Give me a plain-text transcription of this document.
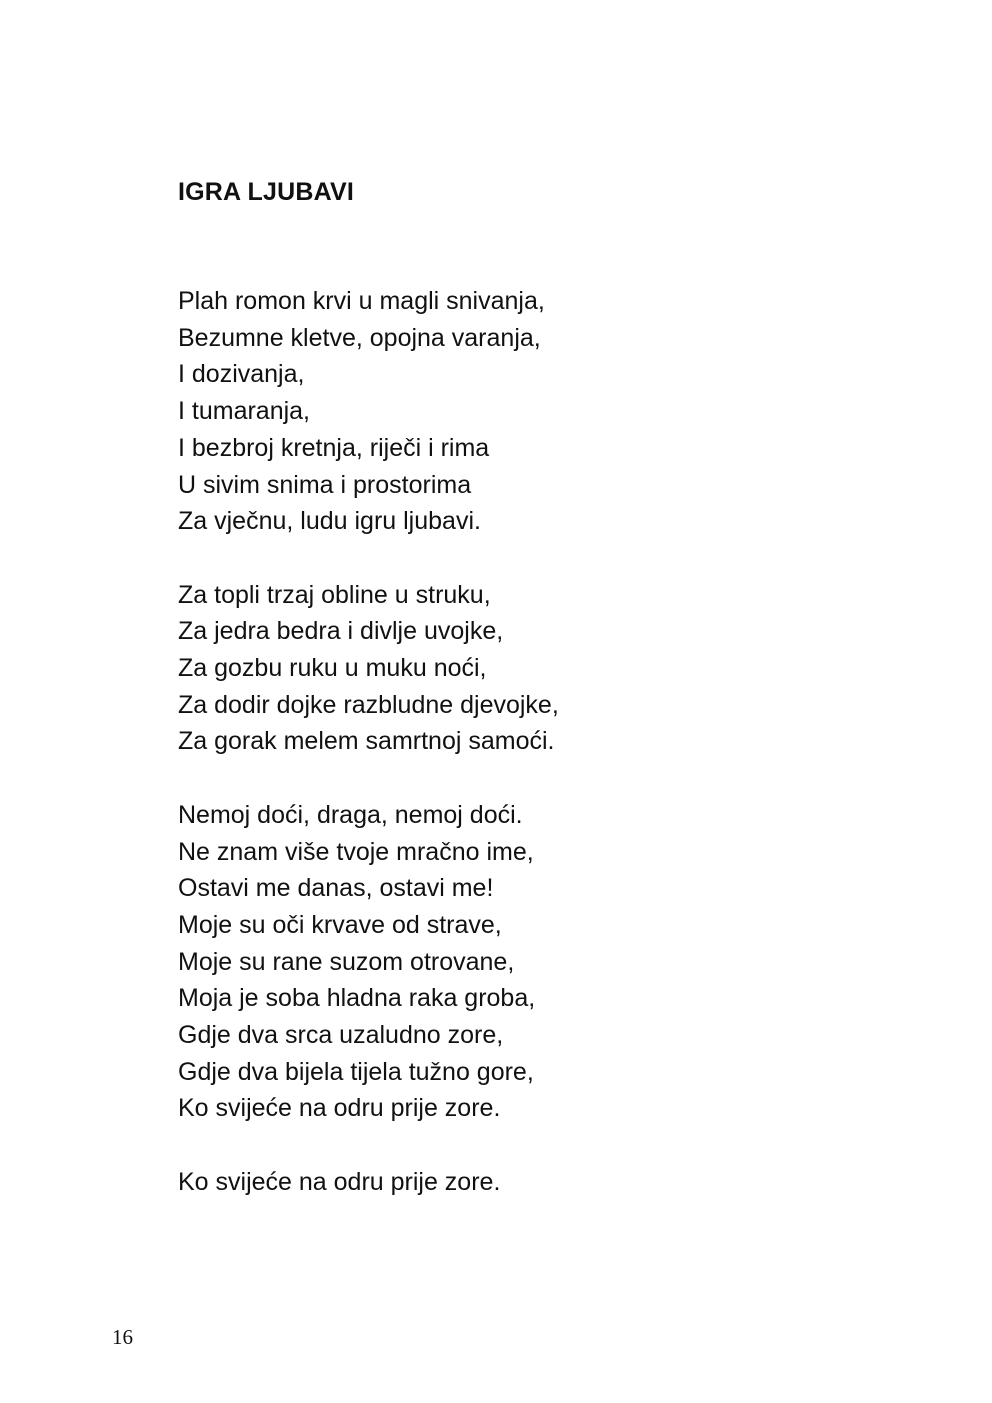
IGRA LJUBAVI

Plah romon krvi u magli snivanja,
Bezumne kletve, opojna varanja,
I dozivanja,
I tumaranja,
I bezbroj kretnja, riječi i rima
U sivim snima i prostorima
Za vječnu, ludu igru ljubavi.

Za topli trzaj obline u struku,
Za jedra bedra i divlje uvojke,
Za gozbu ruku u muku noći,
Za dodir dojke razbludne djevojke,
Za gorak melem samrtnoj samoći.

Nemoj doći, draga, nemoj doći.
Ne znam više tvoje mračno ime,
Ostavi me danas, ostavi me!
Moje su oči krvave od strave,
Moje su rane suzom otrovane,
Moja je soba hladna raka groba,
Gdje dva srca uzaludno zore,
Gdje dva bijela tijela tužno gore,
Ko svijeće na odru prije zore.

Ko svijeće na odru prije zore.

16
